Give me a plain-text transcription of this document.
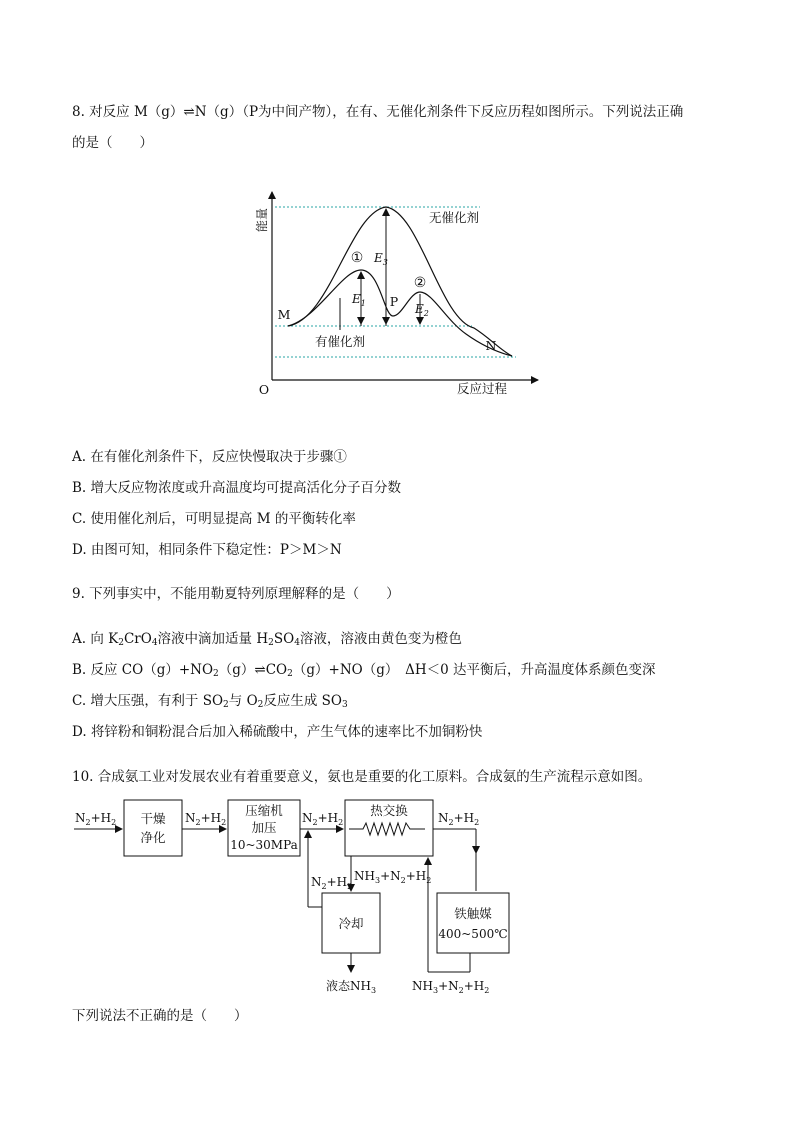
8. 对反应 M（g）⇌N（g）（P为中间产物），在有、无催化剂条件下反应历程如图所示。下列说法正确
的是（　　）
能量
反应过程
O
M
N
P
无催化剂
有催化剂
①
②
$E_3$
$E_1$	$E_2$
A. 在有催化剂条件下，反应快慢取决于步骤①
B. 增大反应物浓度或升高温度均可提高活化分子百分数
C. 使用催化剂后，可明显提高 M 的平衡转化率
D. 由图可知，相同条件下稳定性：P＞M＞N
9. 下列事实中，不能用勒夏特列原理解释的是（　　）
A. 向 $K_2CrO_4$溶液中滴加适量 $H_2SO_4$溶液，溶液由黄色变为橙色
B. 反应 $CO(g)+NO_2(g)\rightleftharpoons CO_2(g)+NO(g)$　ΔH＜0 达平衡后，升高温度体系颜色变深
C. 增大压强，有利于 $SO_2$与 $O_2$反应生成 $SO_3$
D. 将锌粉和铜粉混合后加入稀硫酸中，产生气体的速率比不加铜粉快
10. 合成氨工业对发展农业有着重要意义，氨也是重要的化工原料。合成氨的生产流程示意如图。
$N_2+H_2$ 干燥
净化
$N_2+H_2$
压缩机
加压
10~30MPa
$N_2+H_2$
热交换	$N_2+H_2$
$NH_3+N_2+H_2$
$N_2+H_2$
冷却
铁触媒
400~500℃
液态$NH_3$	$NH_3+N_2+H_2$
下列说法不正确的是（　　）
